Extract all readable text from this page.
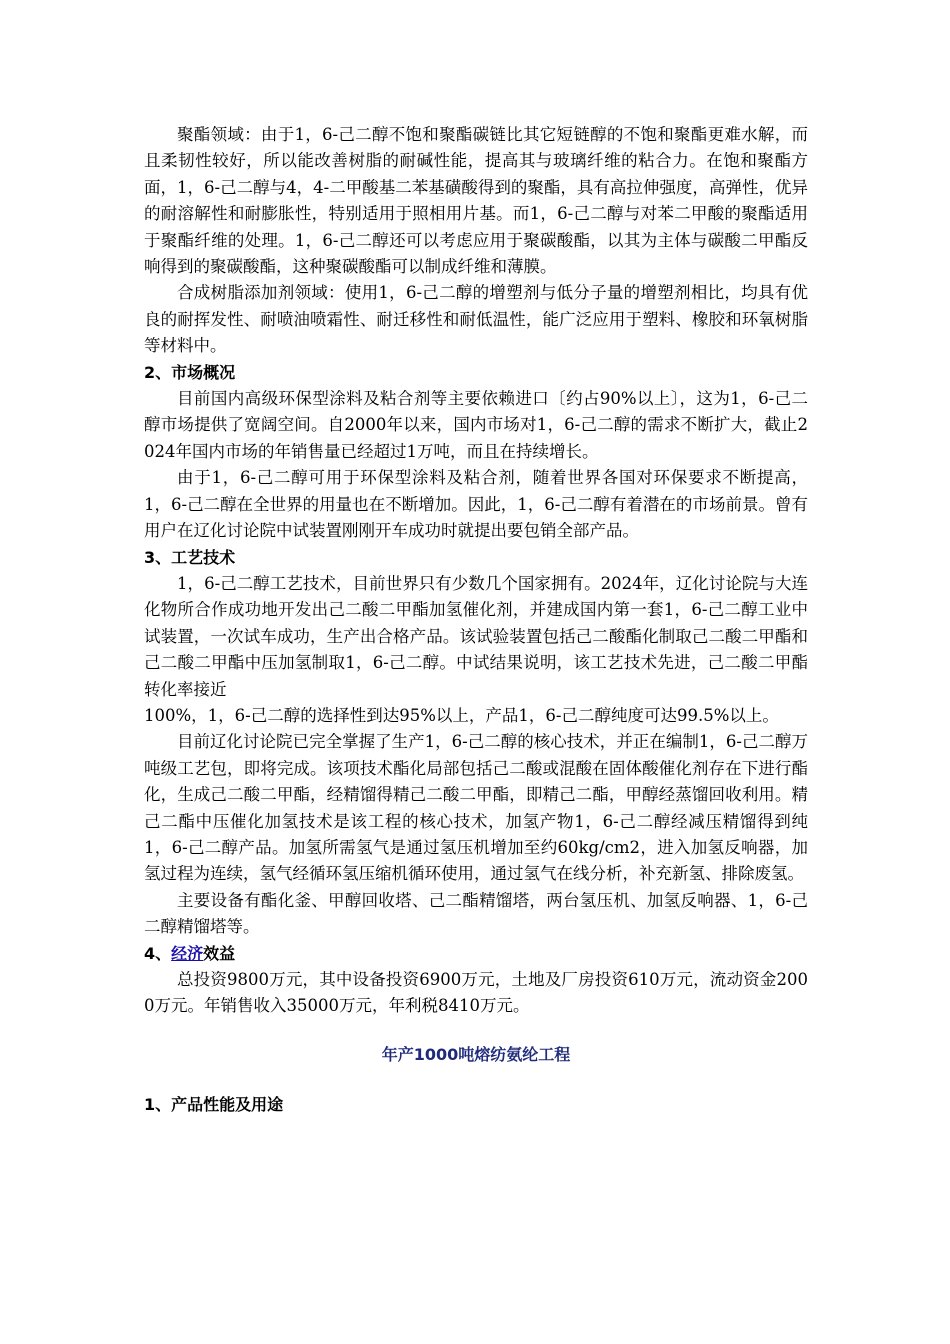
聚酯领域：由于1，6-己二醇不饱和聚酯碳链比其它短链醇的不饱和聚酯更难水解，而且柔韧性较好，所以能改善树脂的耐碱性能，提高其与玻璃纤维的粘合力。在饱和聚酯方面，1，6-己二醇与4，4-二甲酸基二苯基磺酸得到的聚酯，具有高拉伸强度，高弹性，优异的耐溶解性和耐膨胀性，特别适用于照相用片基。而1，6-己二醇与对苯二甲酸的聚酯适用于聚酯纤维的处理。1，6-己二醇还可以考虑应用于聚碳酸酯，以其为主体与碳酸二甲酯反响得到的聚碳酸酯，这种聚碳酸酯可以制成纤维和薄膜。

合成树脂添加剂领域：使用1，6-己二醇的增塑剂与低分子量的增塑剂相比，均具有优良的耐挥发性、耐喷油喷霜性、耐迁移性和耐低温性，能广泛应用于塑料、橡胶和环氧树脂等材料中。

2、市场概况

目前国内高级环保型涂料及粘合剂等主要依赖进口〔约占90%以上〕，这为1，6-己二醇市场提供了宽阔空间。自2000年以来，国内市场对1，6-己二醇的需求不断扩大，截止2024年国内市场的年销售量已经超过1万吨，而且在持续增长。

由于1，6-己二醇可用于环保型涂料及粘合剂，随着世界各国对环保要求不断提高，1，6-己二醇在全世界的用量也在不断增加。因此，1，6-己二醇有着潜在的市场前景。曾有用户在辽化讨论院中试装置刚刚开车成功时就提出要包销全部产品。

3、工艺技术

1，6-己二醇工艺技术，目前世界只有少数几个国家拥有。2024年，辽化讨论院与大连化物所合作成功地开发出己二酸二甲酯加氢催化剂，并建成国内第一套1，6-己二醇工业中试装置，一次试车成功，生产出合格产品。该试验装置包括己二酸酯化制取己二酸二甲酯和己二酸二甲酯中压加氢制取1，6-己二醇。中试结果说明，该工艺技术先进，己二酸二甲酯转化率接近
100%，1，6-己二醇的选择性到达95%以上，产品1，6-己二醇纯度可达99.5%以上。

目前辽化讨论院已完全掌握了生产1，6-己二醇的核心技术，并正在编制1，6-己二醇万吨级工艺包，即将完成。该项技术酯化局部包括己二酸或混酸在固体酸催化剂存在下进行酯化，生成己二酸二甲酯，经精馏得精己二酸二甲酯，即精己二酯，甲醇经蒸馏回收利用。精己二酯中压催化加氢技术是该工程的核心技术，加氢产物1，6-己二醇经减压精馏得到纯1，6-己二醇产品。加氢所需氢气是通过氢压机增加至约60kg/cm2，进入加氢反响器，加氢过程为连续，氢气经循环氢压缩机循环使用，通过氢气在线分析，补充新氢、排除废氢。

主要设备有酯化釜、甲醇回收塔、己二酯精馏塔，两台氢压机、加氢反响器、1，6-己二醇精馏塔等。

4、经济效益

总投资9800万元，其中设备投资6900万元，土地及厂房投资610万元，流动资金2000万元。年销售收入35000万元，年利税8410万元。

年产1000吨熔纺氨纶工程

1、产品性能及用途
